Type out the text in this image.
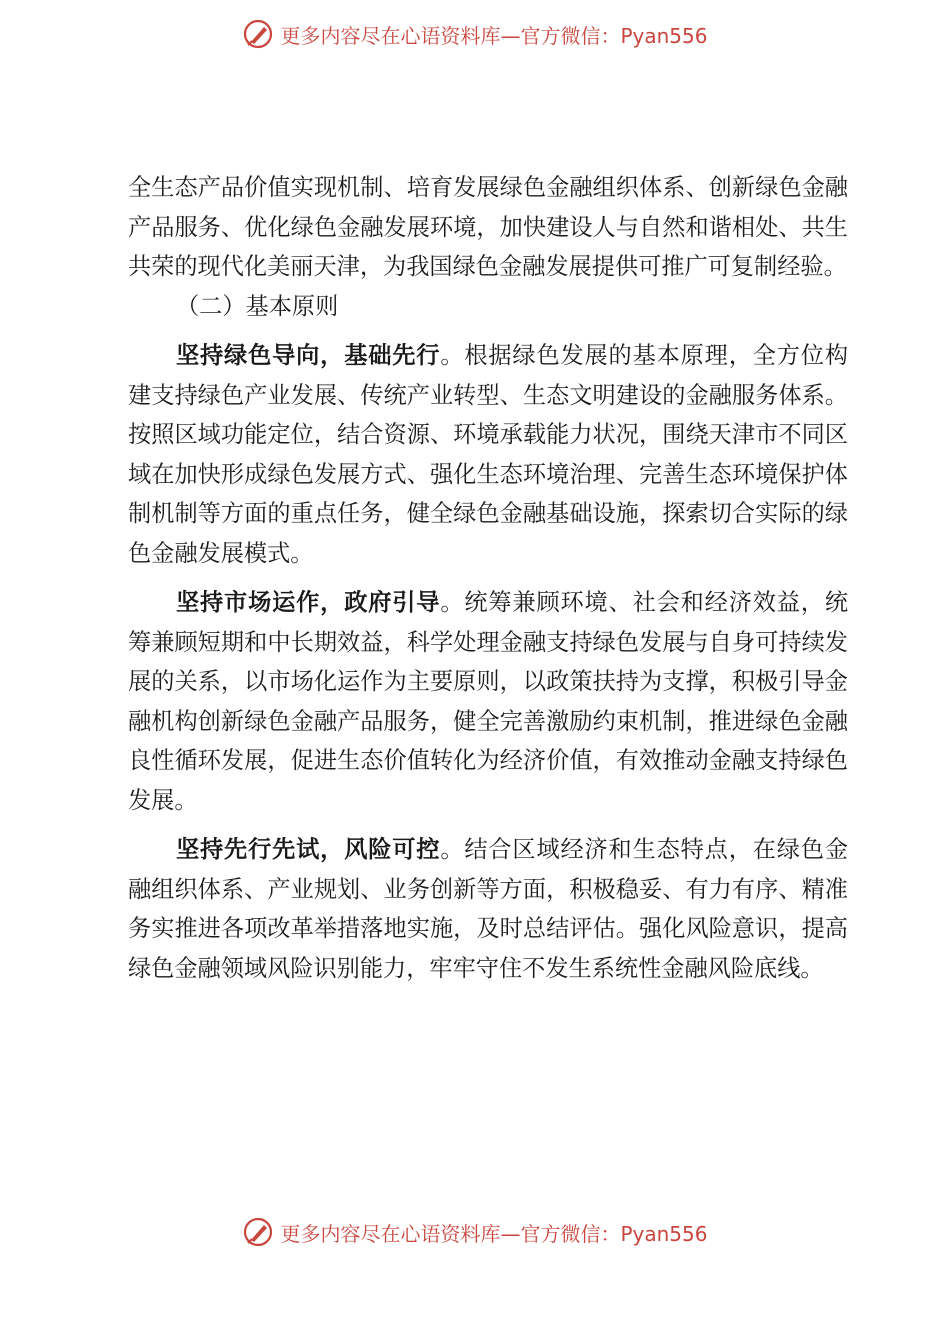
更多内容尽在心语资料库—官方微信：Pyan556

全生态产品价值实现机制、培育发展绿色金融组织体系、创新绿色金融产品服务、优化绿色金融发展环境，加快建设人与自然和谐相处、共生共荣的现代化美丽天津，为我国绿色金融发展提供可推广可复制经验。

（二）基本原则

坚持绿色导向，基础先行。根据绿色发展的基本原理，全方位构建支持绿色产业发展、传统产业转型、生态文明建设的金融服务体系。按照区域功能定位，结合资源、环境承载能力状况，围绕天津市不同区域在加快形成绿色发展方式、强化生态环境治理、完善生态环境保护体制机制等方面的重点任务，健全绿色金融基础设施，探索切合实际的绿色金融发展模式。

坚持市场运作，政府引导。统筹兼顾环境、社会和经济效益，统筹兼顾短期和中长期效益，科学处理金融支持绿色发展与自身可持续发展的关系，以市场化运作为主要原则，以政策扶持为支撑，积极引导金融机构创新绿色金融产品服务，健全完善激励约束机制，推进绿色金融良性循环发展，促进生态价值转化为经济价值，有效推动金融支持绿色发展。

坚持先行先试，风险可控。结合区域经济和生态特点，在绿色金融组织体系、产业规划、业务创新等方面，积极稳妥、有力有序、精准务实推进各项改革举措落地实施，及时总结评估。强化风险意识，提高绿色金融领域风险识别能力，牢牢守住不发生系统性金融风险底线。

更多内容尽在心语资料库—官方微信：Pyan556
